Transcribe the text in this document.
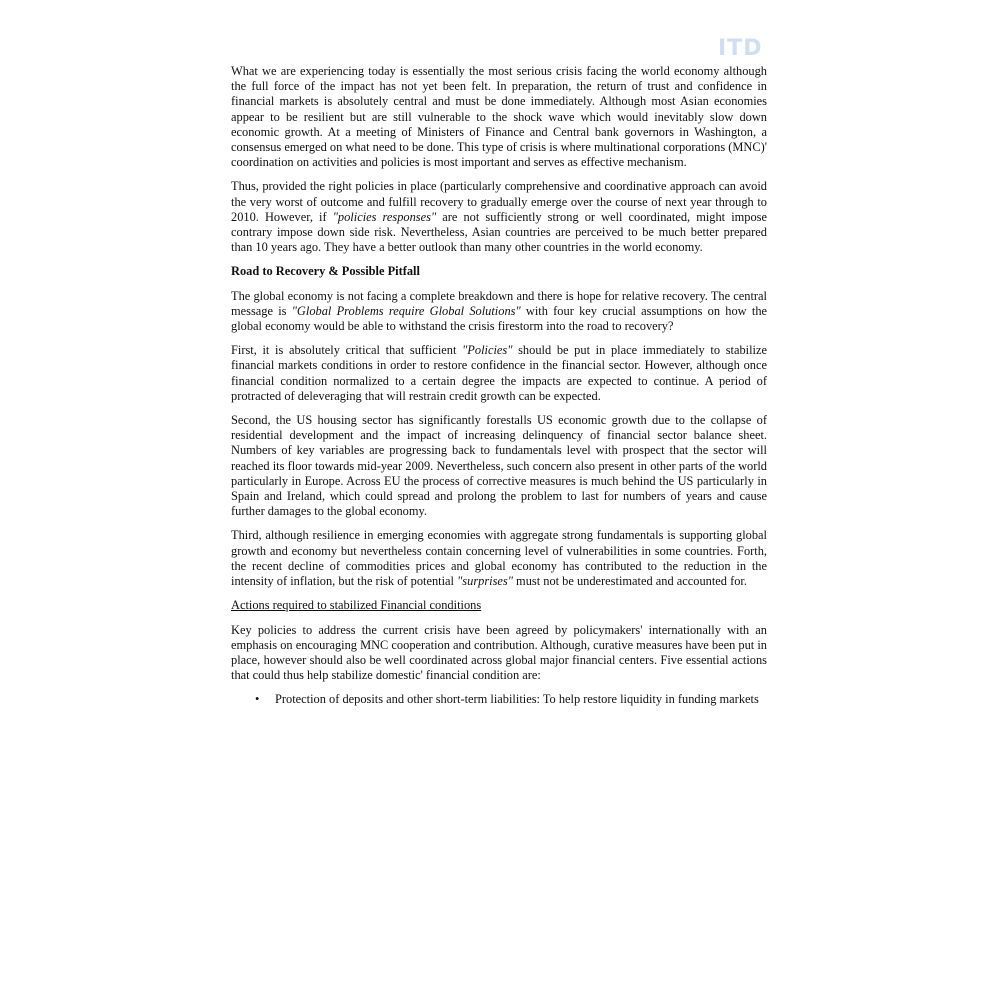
ITD

What we are experiencing today is essentially the most serious crisis facing the world economy although the full force of the impact has not yet been felt. In preparation, the return of trust and confidence in financial markets is absolutely central and must be done immediately. Although most Asian economies appear to be resilient but are still vulnerable to the shock wave which would inevitably slow down economic growth. At a meeting of Ministers of Finance and Central bank governors in Washington, a consensus emerged on what need to be done. This type of crisis is where multinational corporations (MNC)' coordination on activities and policies is most important and serves as effective mechanism.

Thus, provided the right policies in place (particularly comprehensive and coordinative approach can avoid the very worst of outcome and fulfill recovery to gradually emerge over the course of next year through to 2010. However, if "policies responses" are not sufficiently strong or well coordinated, might impose contrary impose down side risk. Nevertheless, Asian countries are perceived to be much better prepared than 10 years ago. They have a better outlook than many other countries in the world economy.

Road to Recovery & Possible Pitfall

The global economy is not facing a complete breakdown and there is hope for relative recovery. The central message is "Global Problems require Global Solutions" with four key crucial assumptions on how the global economy would be able to withstand the crisis firestorm into the road to recovery?

First, it is absolutely critical that sufficient "Policies" should be put in place immediately to stabilize financial markets conditions in order to restore confidence in the financial sector. However, although once financial condition normalized to a certain degree the impacts are expected to continue. A period of protracted of deleveraging that will restrain credit growth can be expected.

Second, the US housing sector has significantly forestalls US economic growth due to the collapse of residential development and the impact of increasing delinquency of financial sector balance sheet. Numbers of key variables are progressing back to fundamentals level with prospect that the sector will reached its floor towards mid-year 2009. Nevertheless, such concern also present in other parts of the world particularly in Europe. Across EU the process of corrective measures is much behind the US particularly in Spain and Ireland, which could spread and prolong the problem to last for numbers of years and cause further damages to the global economy.

Third, although resilience in emerging economies with aggregate strong fundamentals is supporting global growth and economy but nevertheless contain concerning level of vulnerabilities in some countries. Forth, the recent decline of commodities prices and global economy has contributed to the reduction in the intensity of inflation, but the risk of potential "surprises" must not be underestimated and accounted for.

Actions required to stabilized Financial conditions

Key policies to address the current crisis have been agreed by policymakers' internationally with an emphasis on encouraging MNC cooperation and contribution. Although, curative measures have been put in place, however should also be well coordinated across global major financial centers. Five essential actions that could thus help stabilize domestic' financial condition are:

• Protection of deposits and other short-term liabilities: To help restore liquidity in funding markets
